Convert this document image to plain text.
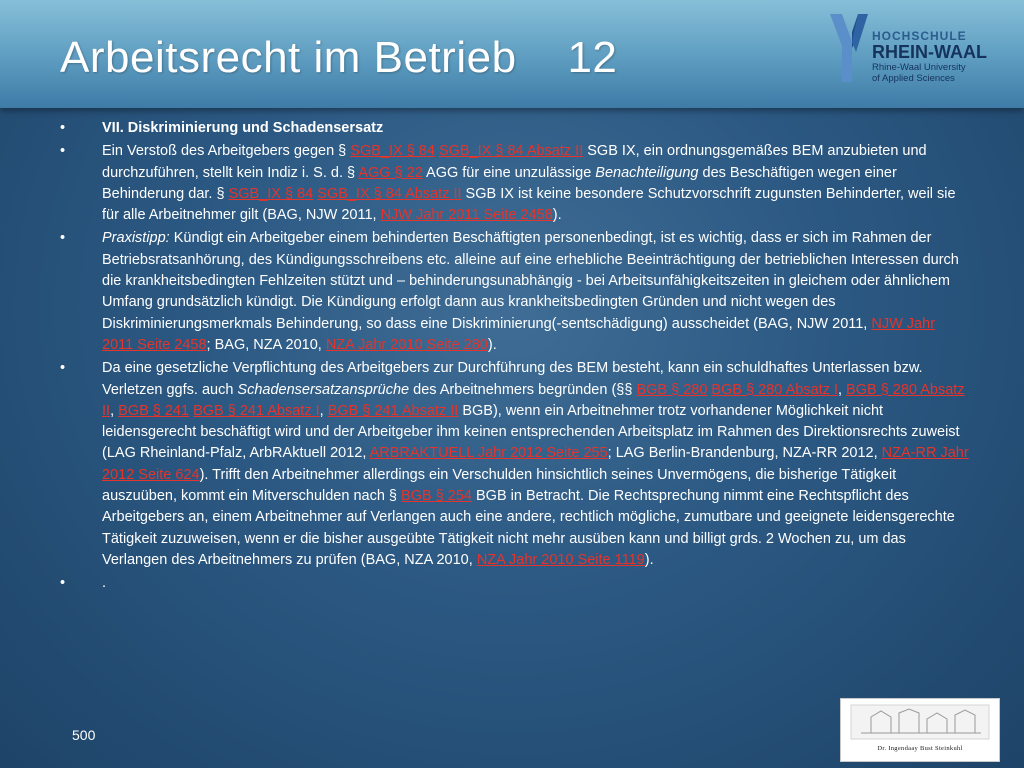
Arbeitsrecht im Betrieb    12	HOCHSCHULE
RHEIN-WAAL
Rhine-Waal University
of Applied Sciences
•	VII. Diskriminierung und Schadensersatz
•	Ein Verstoß des Arbeitgebers gegen § SGB_IX § 84 SGB_IX § 84 Absatz II SGB IX, ein ordnungsgemäßes BEM anzubieten und durchzuführen, stellt kein Indiz i. S. d. § AGG § 22 AGG für eine unzulässige Benachteiligung des Beschäftigen wegen einer Behinderung dar. § SGB_IX § 84 SGB_IX § 84 Absatz II SGB IX ist keine besondere Schutzvorschrift zugunsten Behinderter, weil sie für alle Arbeitnehmer gilt (BAG, NJW 2011, NJW Jahr 2011 Seite 2458).
•	Praxistipp: Kündigt ein Arbeitgeber einem behinderten Beschäftigten personenbedingt, ist es wichtig, dass er sich im Rahmen der Betriebsratsanhörung, des Kündigungsschreibens etc. alleine auf eine erhebliche Beeinträchtigung der betrieblichen Interessen durch die krankheitsbedingten Fehlzeiten stützt und – behinderungsunabhängig - bei Arbeitsunfähigkeitszeiten in gleichem oder ähnlichem Umfang grundsätzlich kündigt. Die Kündigung erfolgt dann aus krankheitsbedingten Gründen und nicht wegen des Diskriminierungsmerkmals Behinderung, so dass eine Diskriminierung(-sentschädigung) ausscheidet (BAG, NJW 2011, NJW Jahr 2011 Seite 2458; BAG, NZA 2010, NZA Jahr 2010 Seite 280).
•	Da eine gesetzliche Verpflichtung des Arbeitgebers zur Durchführung des BEM besteht, kann ein schuldhaftes Unterlassen bzw. Verletzen ggfs. auch Schadensersatzansprüche des Arbeitnehmers begründen (§§ BGB § 280 BGB § 280 Absatz I, BGB § 280 Absatz II, BGB § 241 BGB § 241 Absatz I, BGB § 241 Absatz II BGB), wenn ein Arbeitnehmer trotz vorhandener Möglichkeit nicht leidensgerecht beschäftigt wird und der Arbeitgeber ihm keinen entsprechenden Arbeitsplatz im Rahmen des Direktionsrechts zuweist (LAG Rheinland-Pfalz, ArbRAktuell 2012, ARBRAKTUELL Jahr 2012 Seite 255; LAG Berlin-Brandenburg, NZA-RR 2012, NZA-RR Jahr 2012 Seite 624). Trifft den Arbeitnehmer allerdings ein Verschulden hinsichtlich seines Unvermögens, die bisherige Tätigkeit auszuüben, kommt ein Mitverschulden nach § BGB § 254 BGB in Betracht. Die Rechtsprechung nimmt eine Rechtspflicht des Arbeitgebers an, einem Arbeitnehmer auf Verlangen auch eine andere, rechtlich mögliche, zumutbare und geeignete leidensgerechte Tätigkeit zuzuweisen, wenn er die bisher ausgeübte Tätigkeit nicht mehr ausüben kann und billigt grds. 2 Wochen zu, um das Verlangen des Arbeitnehmers zu prüfen (BAG, NZA 2010, NZA Jahr 2010 Seite 1119).
•	.
500
Dr. Ingendaay Bust Steinkuhl
